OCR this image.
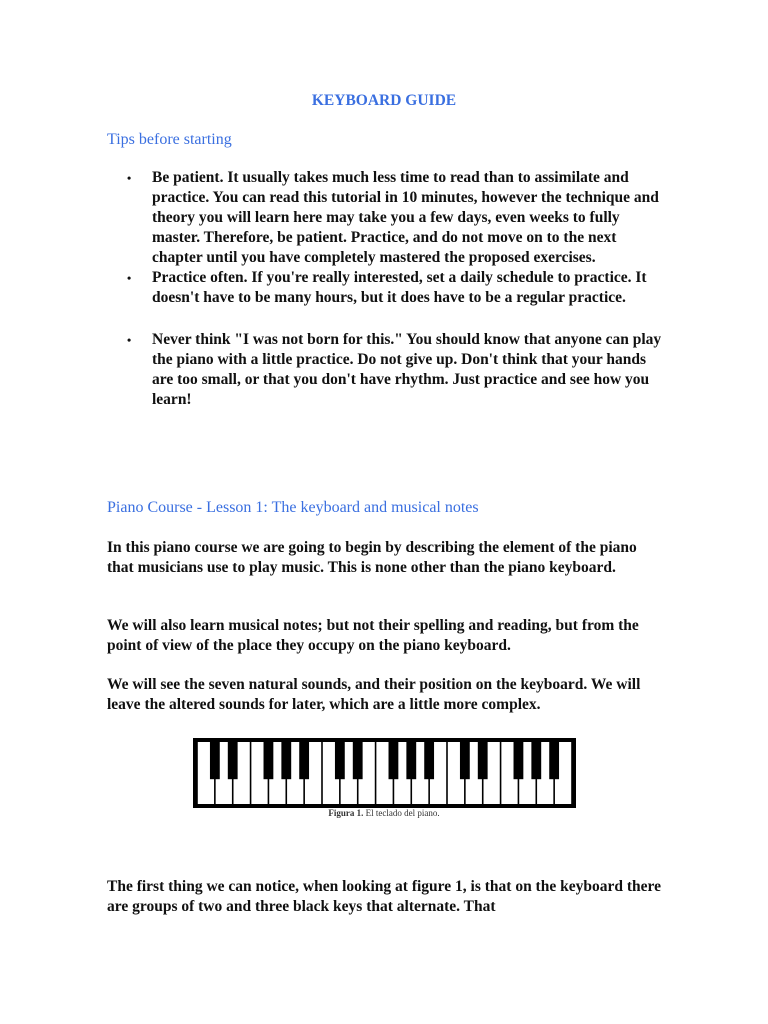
KEYBOARD GUIDE
Tips before starting
• Be patient. It usually takes much less time to read than to assimilate and practice. You can read this tutorial in 10 minutes, however the technique and theory you will learn here may take you a few days, even weeks to fully master. Therefore, be patient. Practice, and do not move on to the next chapter until you have completely mastered the proposed exercises.
• Practice often. If you're really interested, set a daily schedule to practice. It doesn't have to be many hours, but it does have to be a regular practice.
• Never think "I was not born for this." You should know that anyone can play the piano with a little practice. Do not give up. Don't think that your hands are too small, or that you don't have rhythm. Just practice and see how you learn!
Piano Course - Lesson 1: The keyboard and musical notes

In this piano course we are going to begin by describing the element of the piano that musicians use to play music. This is none other than the piano keyboard.

We will also learn musical notes; but not their spelling and reading, but from the point of view of the place they occupy on the piano keyboard.

We will see the seven natural sounds, and their position on the keyboard. We will leave the altered sounds for later, which are a little more complex.

Figura 1. El teclado del piano.

The first thing we can notice, when looking at figure 1, is that on the keyboard there are groups of two and three black keys that alternate. That
